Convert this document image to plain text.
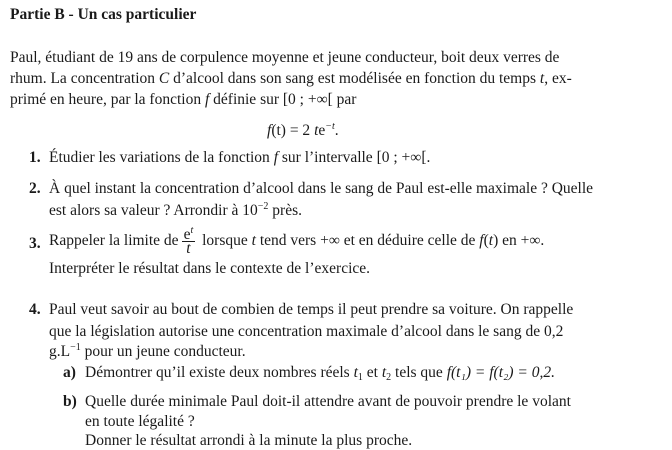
Partie B - Un cas particulier
Paul, étudiant de 19 ans de corpulence moyenne et jeune conducteur, boit deux verres de
rhum. La concentration C d’alcool dans son sang est modélisée en fonction du temps t, ex-
primé en heure, par la fonction f définie sur [0 ; +∞[ par
f(t) = 2 $te^{-t}$.
1. Étudier les variations de la fonction f sur l’intervalle [0 ; +∞[.
2. À quel instant la concentration d’alcool dans le sang de Paul est-elle maximale ? Quelle
est alors sa valeur ? Arrondir à $10^{-2}$ près.
3. Rappeler la limite de $\frac{e^t}{t}$ lorsque t tend vers +∞ et en déduire celle de f(t) en +∞.
Interpréter le résultat dans le contexte de l’exercice.
4. Paul veut savoir au bout de combien de temps il peut prendre sa voiture. On rappelle
que la législation autorise une concentration maximale d’alcool dans le sang de 0,2
$g.L^{-1}$ pour un jeune conducteur.
a) Démontrer qu’il existe deux nombres réels $t_1$ et $t_2$ tels que f(t₁) = f(t₂) = 0,2.
b) Quelle durée minimale Paul doit-il attendre avant de pouvoir prendre le volant
en toute légalité ?
Donner le résultat arrondi à la minute la plus proche.
